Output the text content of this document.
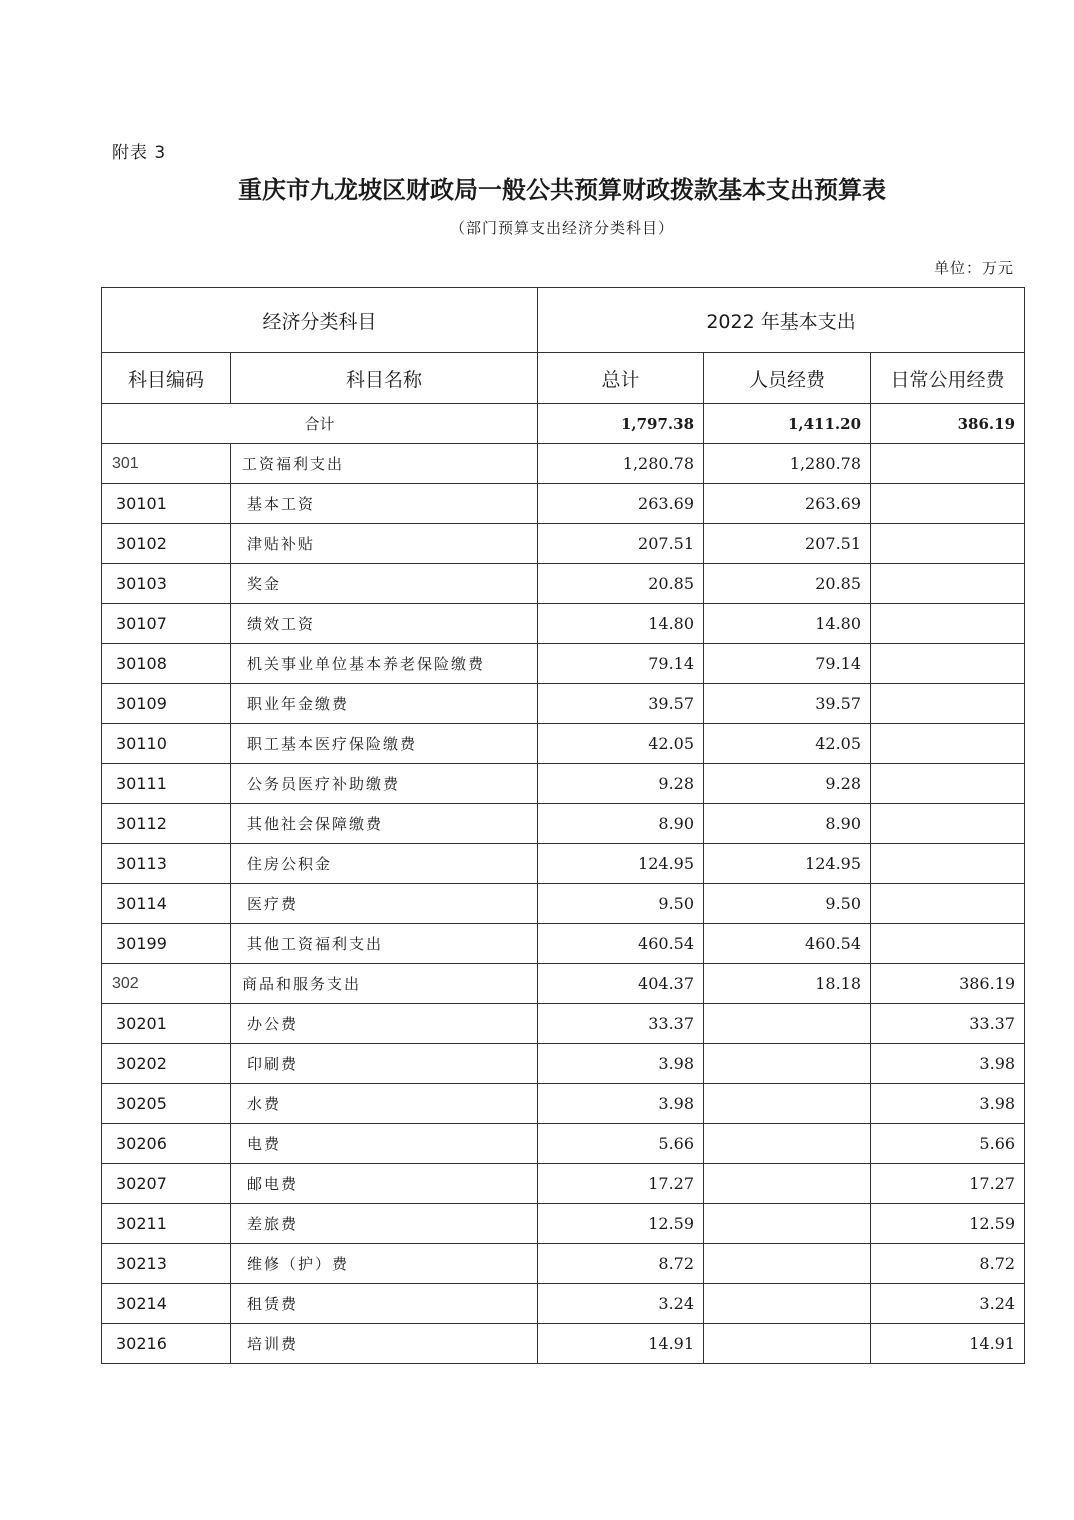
附表 3
重庆市九龙坡区财政局一般公共预算财政拨款基本支出预算表
（部门预算支出经济分类科目）
单位：万元
经济分类科目		2022 年基本支出		
科目编码	科目名称	总计	人员经费	日常公用经费
合计		1,797.38	1,411.20	386.19
301	工资福利支出	1,280.78	1,280.78	
30101	基本工资	263.69	263.69	
30102	津贴补贴	207.51	207.51	
30103	奖金	20.85	20.85	
30107	绩效工资	14.80	14.80	
30108	机关事业单位基本养老保险缴费	79.14	79.14	
30109	职业年金缴费	39.57	39.57	
30110	职工基本医疗保险缴费	42.05	42.05	
30111	公务员医疗补助缴费	9.28	9.28	
30112	其他社会保障缴费	8.90	8.90	
30113	住房公积金	124.95	124.95	
30114	医疗费	9.50	9.50	
30199	其他工资福利支出	460.54	460.54	
302	商品和服务支出	404.37	18.18	386.19
30201	办公费	33.37		33.37
30202	印刷费	3.98		3.98
30205	水费	3.98		3.98
30206	电费	5.66		5.66
30207	邮电费	17.27		17.27
30211	差旅费	12.59		12.59
30213	维修（护）费	8.72		8.72
30214	租赁费	3.24		3.24
30216	培训费	14.91		14.91
